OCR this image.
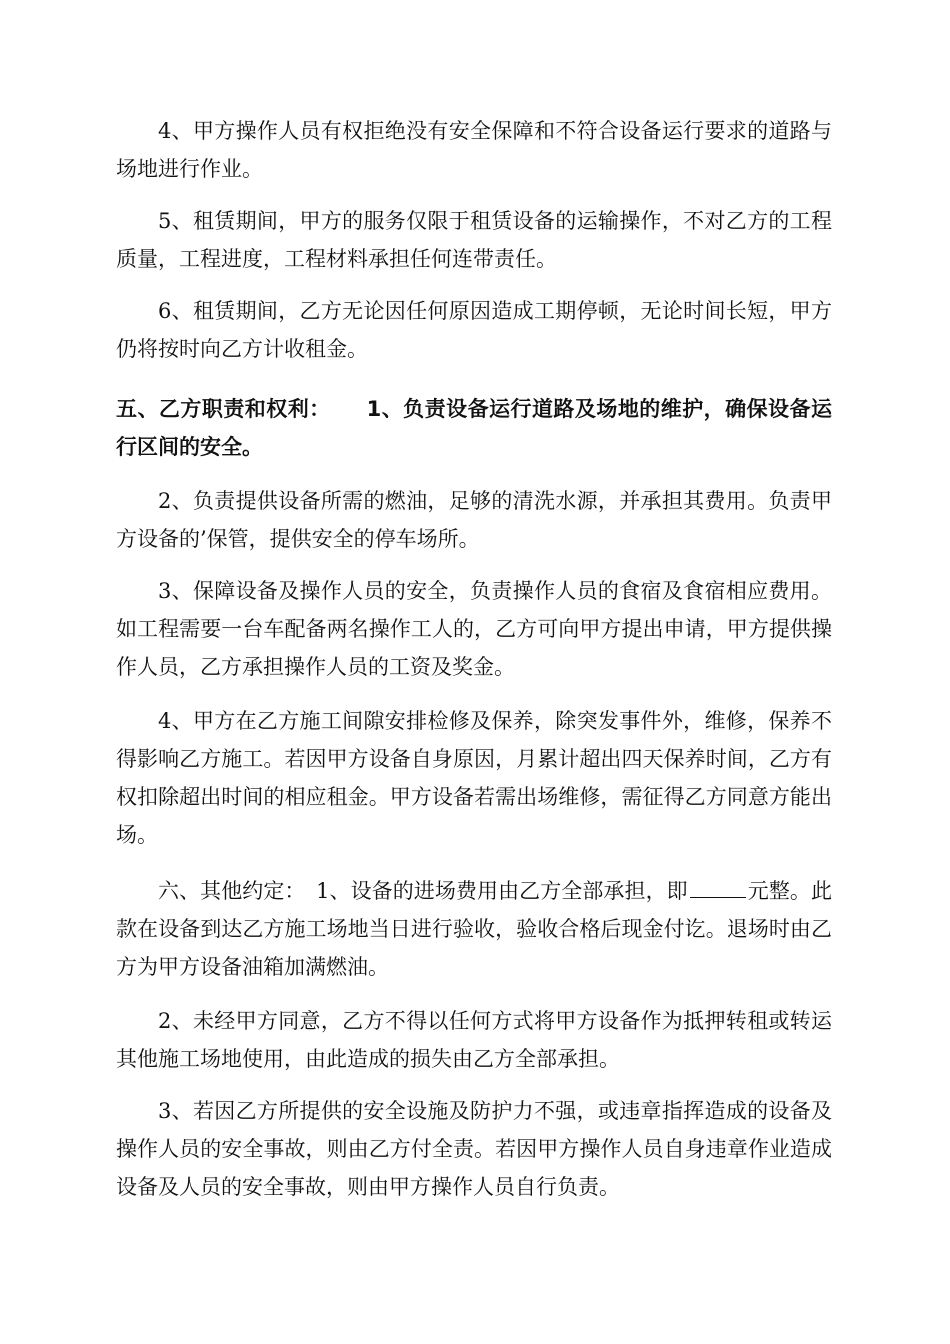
4、甲方操作人员有权拒绝没有安全保障和不符合设备运行要求的道路与场地进行作业。

5、租赁期间，甲方的服务仅限于租赁设备的运输操作，不对乙方的工程质量，工程进度，工程材料承担任何连带责任。

6、租赁期间，乙方无论因任何原因造成工期停顿，无论时间长短，甲方仍将按时向乙方计收租金。

五、乙方职责和权利： 1、负责设备运行道路及场地的维护，确保设备运行区间的安全。

2、负责提供设备所需的燃油，足够的清洗水源，并承担其费用。负责甲方设备的’保管，提供安全的停车场所。

3、保障设备及操作人员的安全，负责操作人员的食宿及食宿相应费用。如工程需要一台车配备两名操作工人的，乙方可向甲方提出申请，甲方提供操作人员，乙方承担操作人员的工资及奖金。

4、甲方在乙方施工间隙安排检修及保养，除突发事件外，维修，保养不得影响乙方施工。若因甲方设备自身原因，月累计超出四天保养时间，乙方有权扣除超出时间的相应租金。甲方设备若需出场维修，需征得乙方同意方能出场。

六、其他约定：　1、设备的进场费用由乙方全部承担，即	元整。此款在设备到达乙方施工场地当日进行验收，验收合格后现金付讫。退场时由乙方为甲方设备油箱加满燃油。

2、未经甲方同意，乙方不得以任何方式将甲方设备作为抵押转租或转运其他施工场地使用，由此造成的损失由乙方全部承担。

3、若因乙方所提供的安全设施及防护力不强，或违章指挥造成的设备及操作人员的安全事故，则由乙方付全责。若因甲方操作人员自身违章作业造成设备及人员的安全事故，则由甲方操作人员自行负责。
